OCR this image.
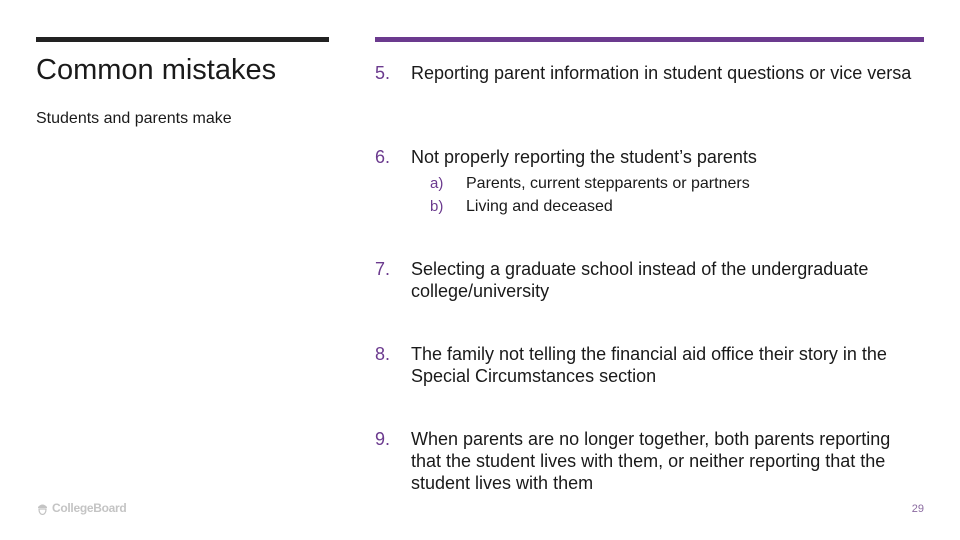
Common mistakes
Students and parents make
5. Reporting parent information in student questions or vice versa
6. Not properly reporting the student’s parents
a) Parents, current stepparents or partners
b) Living and deceased
7. Selecting a graduate school instead of the undergraduate college/university
8. The family not telling the financial aid office their story in the Special Circumstances section
9. When parents are no longer together, both parents reporting that the student lives with them, or neither reporting that the student lives with them
CollegeBoard	29
